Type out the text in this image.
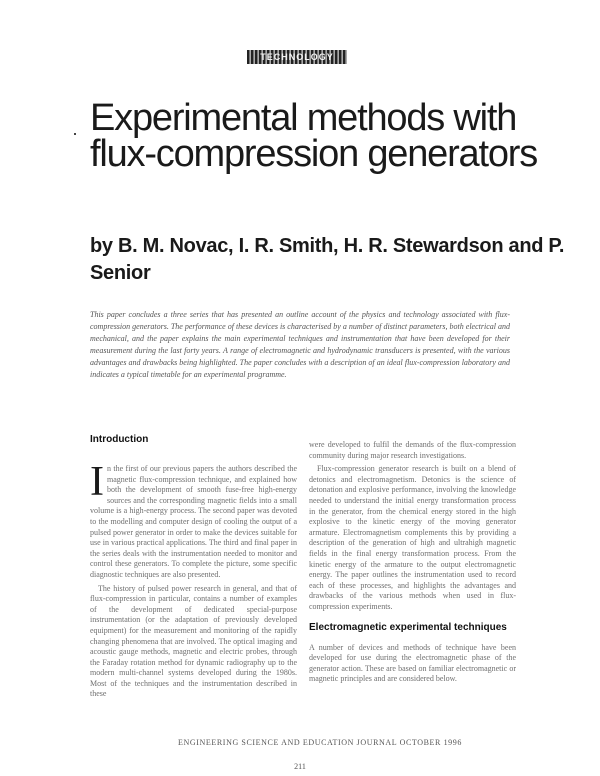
TECHNOLOGY
Experimental methods with flux-compression generators
by B. M. Novac, I. R. Smith, H. R. Stewardson and P. Senior

This paper concludes a three series that has presented an outline account of the physics and technology associated with flux-compression generators. The performance of these devices is characterised by a number of distinct parameters, both electrical and mechanical, and the paper explains the main experimental techniques and instrumentation that have been developed for their measurement during the last forty years. A range of electromagnetic and hydrodynamic transducers is presented, with the various advantages and drawbacks being highlighted. The paper concludes with a description of an ideal flux-compression laboratory and indicates a typical timetable for an experimental programme.

Introduction

In the first of our previous papers the authors described the magnetic flux-compression technique, and explained how both the development of smooth fuse-free high-energy sources and the corresponding magnetic fields into a small volume is a high-energy process. The second paper was devoted to the modelling and computer design of cooling the output of a pulsed power generator in order to make the devices suitable for use in various practical applications. The third and final paper in the series deals with the instrumentation needed to monitor and control these generators. To complete the picture, some specific diagnostic techniques are also presented.

The history of pulsed power research in general, and that of flux-compression in particular, contains a number of examples of the development of dedicated special-purpose instrumentation (or the adaptation of previously developed equipment) for the measurement and monitoring of the rapidly changing phenomena that are involved. The optical imaging and acoustic gauge methods, magnetic and electric probes, through the Faraday rotation method for dynamic radiography up to the modern multi-channel systems developed during the 1980s. Most of the techniques and the instrumentation described in these

were developed to fulfil the demands of the flux-compression community during major research investigations.

Flux-compression generator research is built on a blend of detonics and electromagnetism. Detonics is the science of detonation and explosive performance, involving the knowledge needed to understand the initial energy transformation process in the generator, from the chemical energy stored in the high explosive to the kinetic energy of the moving generator armature. Electromagnetism complements this by providing a description of the generation of high and ultrahigh magnetic fields in the final energy transformation process. From the kinetic energy of the armature to the output electromagnetic energy. The paper outlines the instrumentation used to record each of these processes, and highlights the advantages and drawbacks of the various methods when used in flux-compression experiments.

Electromagnetic experimental techniques

A number of devices and methods of technique have been developed for use during the electromagnetic phase of the generator action. These are based on familiar electromagnetic or magnetic principles and are considered below.

ENGINEERING SCIENCE AND EDUCATION JOURNAL OCTOBER 1996

211
